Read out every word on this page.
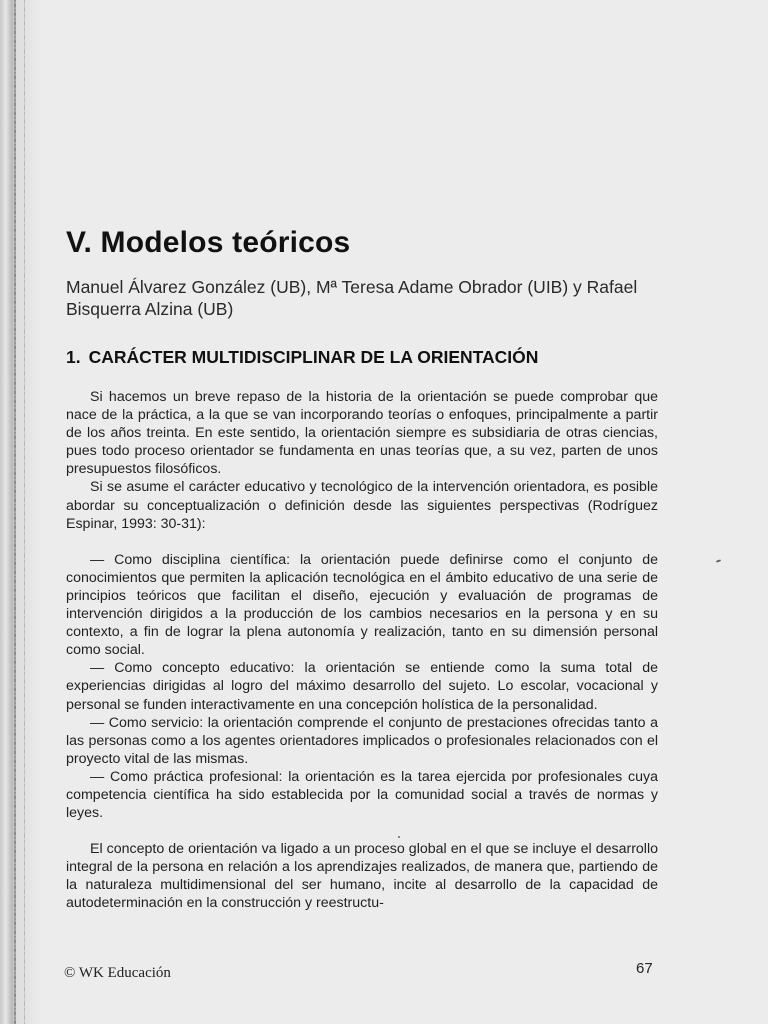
V. Modelos teóricos
Manuel Álvarez González (UB), Mª Teresa Adame Obrador (UIB) y Rafael Bisquerra Alzina (UB)
1. CARÁCTER MULTIDISCIPLINAR DE LA ORIENTACIÓN

Si hacemos un breve repaso de la historia de la orientación se puede comprobar que nace de la práctica, a la que se van incorporando teorías o enfoques, principalmente a partir de los años treinta. En este sentido, la orientación siempre es subsidiaria de otras ciencias, pues todo proceso orientador se fundamenta en unas teorías que, a su vez, parten de unos presupuestos filosóficos.

Si se asume el carácter educativo y tecnológico de la intervención orientadora, es posible abordar su conceptualización o definición desde las siguientes perspectivas (Rodríguez Espinar, 1993: 30-31):

— Como disciplina científica: la orientación puede definirse como el conjunto de conocimientos que permiten la aplicación tecnológica en el ámbito educativo de una serie de principios teóricos que facilitan el diseño, ejecución y evaluación de programas de intervención dirigidos a la producción de los cambios necesarios en la persona y en su contexto, a fin de lograr la plena autonomía y realización, tanto en su dimensión personal como social.

— Como concepto educativo: la orientación se entiende como la suma total de experiencias dirigidas al logro del máximo desarrollo del sujeto. Lo escolar, vocacional y personal se funden interactivamente en una concepción holística de la personalidad.

— Como servicio: la orientación comprende el conjunto de prestaciones ofrecidas tanto a las personas como a los agentes orientadores implicados o profesionales relacionados con el proyecto vital de las mismas.

— Como práctica profesional: la orientación es la tarea ejercida por profesionales cuya competencia científica ha sido establecida por la comunidad social a través de normas y leyes.

El concepto de orientación va ligado a un proceso global en el que se incluye el desarrollo integral de la persona en relación a los aprendizajes realizados, de manera que, partiendo de la naturaleza multidimensional del ser humano, incite al desarrollo de la capacidad de autodeterminación en la construcción y reestructu-

© WK Educación	67
